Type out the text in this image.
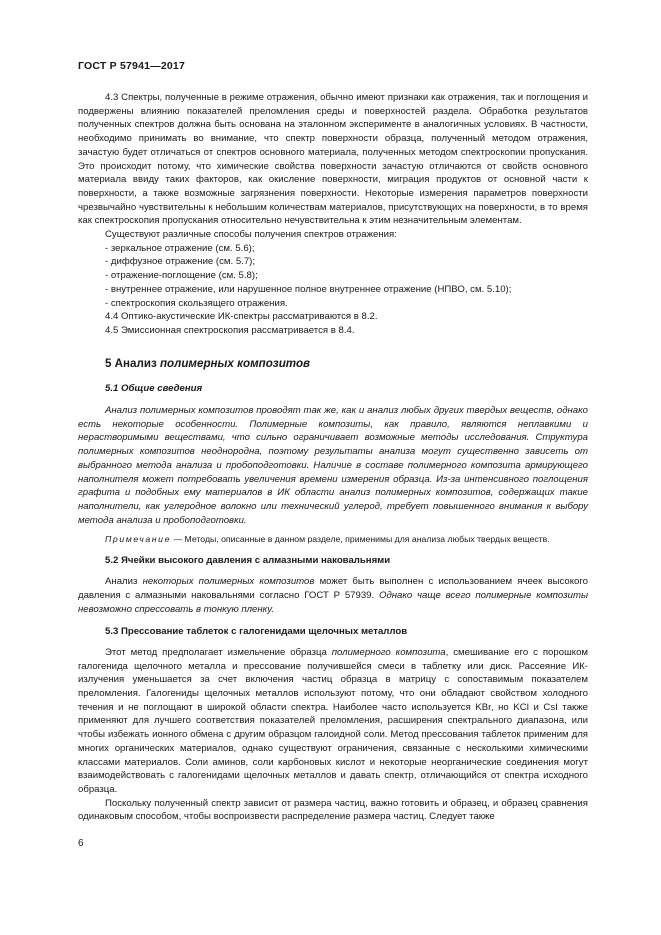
ГОСТ Р 57941—2017

4.3 Спектры, полученные в режиме отражения, обычно имеют признаки как отражения, так и поглощения и подвержены влиянию показателей преломления среды и поверхностей раздела. Обработка результатов полученных спектров должна быть основана на эталонном эксперименте в аналогичных условиях. В частности, необходимо принимать во внимание, что спектр поверхности образца, полученный методом отражения, зачастую будет отличаться от спектров основного материала, полученных методом спектроскопии пропускания. Это происходит потому, что химические свойства поверхности зачастую отличаются от свойств основного материала ввиду таких факторов, как окисление поверхности, миграция продуктов от основной части к поверхности, а также возможные загрязнения поверхности. Некоторые измерения параметров поверхности чрезвычайно чувствительны к небольшим количествам материалов, присутствующих на поверхности, в то время как спектроскопия пропускания относительно нечувствительна к этим незначительным элементам.

Существуют различные способы получения спектров отражения:

- зеркальное отражение (см. 5.6);

- диффузное отражение (см. 5.7);

- отражение-поглощение (см. 5.8);

- внутреннее отражение, или нарушенное полное внутреннее отражение (НПВО, см. 5.10);

- спектроскопия скользящего отражения.

4.4 Оптико-акустические ИК-спектры рассматриваются в 8.2.

4.5 Эмиссионная спектроскопия рассматривается в 8.4.

5 Анализ полимерных композитов

5.1 Общие сведения

Анализ полимерных композитов проводят так же, как и анализ любых других твердых веществ, однако есть некоторые особенности. Полимерные композиты, как правило, являются неплавкими и нерастворимыми веществами, что сильно ограничивает возможные методы исследования. Структура полимерных композитов неоднородна, поэтому результаты анализа могут существенно зависеть от выбранного метода анализа и пробоподготовки. Наличие в составе полимерного композита армирующего наполнителя может потребовать увеличения времени измерения образца. Из-за интенсивного поглощения графита и подобных ему материалов в ИК области анализ полимерных композитов, содержащих такие наполнители, как углеродное волокно или технический углерод, требует повышенного внимания к выбору метода анализа и пробоподготовки.

Примечание — Методы, описанные в данном разделе, применимы для анализа любых твердых веществ.

5.2 Ячейки высокого давления с алмазными наковальнями

Анализ некоторых полимерных композитов может быть выполнен с использованием ячеек высокого давления с алмазными наковальнями согласно ГОСТ Р 57939. Однако чаще всего полимерные композиты невозможно спрессовать в тонкую пленку.

5.3 Прессование таблеток с галогенидами щелочных металлов

Этот метод предполагает измельчение образца полимерного композита, смешивание его с порошком галогенида щелочного металла и прессование получившейся смеси в таблетку или диск. Рассеяние ИК-излучения уменьшается за счет включения частиц образца в матрицу с сопоставимым показателем преломления. Галогениды щелочных металлов используют потому, что они обладают свойством холодного течения и не поглощают в широкой области спектра. Наиболее часто используется KBr, но KCl и CsI также применяют для лучшего соответствия показателей преломления, расширения спектрального диапазона, или чтобы избежать ионного обмена с другим образцом галоидной соли. Метод прессования таблеток применим для многих органических материалов, однако существуют ограничения, связанные с несколькими химическими классами материалов. Соли аминов, соли карбоновых кислот и некоторые неорганические соединения могут взаимодействовать с галогенидами щелочных металлов и давать спектр, отличающийся от спектра исходного образца.

Поскольку полученный спектр зависит от размера частиц, важно готовить и образец, и образец сравнения одинаковым способом, чтобы воспроизвести распределение размера частиц. Следует также

6
